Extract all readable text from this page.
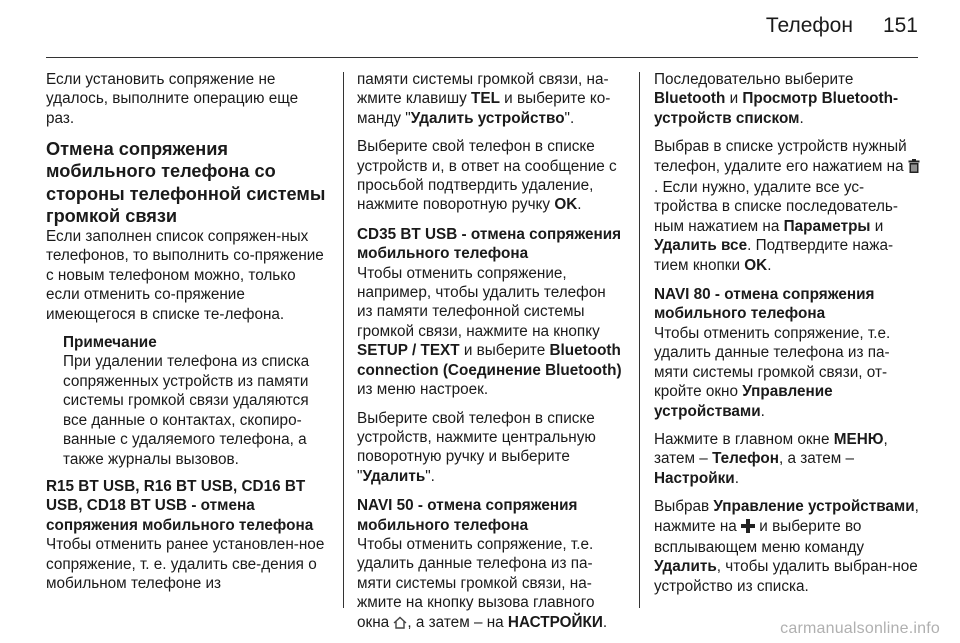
Телефон 151

Если установить сопряжение не удалось, выполните операцию еще раз.

Отмена сопряжения мобильного телефона со стороны телефонной системы громкой связи

Если заполнен список сопряжен-ных телефонов, то выполнить со-пряжение с новым телефоном можно, только если отменить со-пряжение имеющегося в списке те-лефона.

Примечание
При удалении телефона из списка сопряженных устройств из памяти системы громкой связи удаляются все данные о контактах, скопиро-ванные с удаляемого телефона, а также журналы вызовов.
R15 BT USB, R16 BT USB, CD16 BT USB, CD18 BT USB - отмена сопряжения мобильного телефона

Чтобы отменить ранее установлен-ное сопряжение, т. е. удалить све-дения о мобильном телефоне из

памяти системы громкой связи, на-жмите клавишу TEL и выберите ко-манду "Удалить устройство".

Выберите свой телефон в списке устройств и, в ответ на сообщение с просьбой подтвердить удаление, нажмите поворотную ручку OK.

CD35 BT USB - отмена сопряжения мобильного телефона

Чтобы отменить сопряжение, например, чтобы удалить телефон из памяти телефонной системы громкой связи, нажмите на кнопку SETUP / TEXT и выберите Bluetooth connection (Соединение Bluetooth) из меню настроек.

Выберите свой телефон в списке устройств, нажмите центральную поворотную ручку и выберите "Удалить".

NAVI 50 - отмена сопряжения мобильного телефона

Чтобы отменить сопряжение, т.е. удалить данные телефона из па-мяти системы громкой связи, на-жмите на кнопку вызова главного окна , а затем – на НАСТРОЙКИ.

Последовательно выберите Bluetooth и Просмотр Bluetooth-устройств списком.

Выбрав в списке устройств нужный телефон, удалите его нажатием на . Если нужно, удалите все ус-тройства в списке последователь-ным нажатием на Параметры и Удалить все. Подтвердите нажа-тием кнопки OK.

NAVI 80 - отмена сопряжения мобильного телефона

Чтобы отменить сопряжение, т.е. удалить данные телефона из па-мяти системы громкой связи, от-кройте окно Управление устройствами.

Нажмите в главном окне МЕНЮ, затем – Телефон, а затем – Настройки.

Выбрав Управление устройствами, нажмите на  и выберите во всплывающем меню команду Удалить, чтобы удалить выбран-ное устройство из списка.

carmanualsonline.info
